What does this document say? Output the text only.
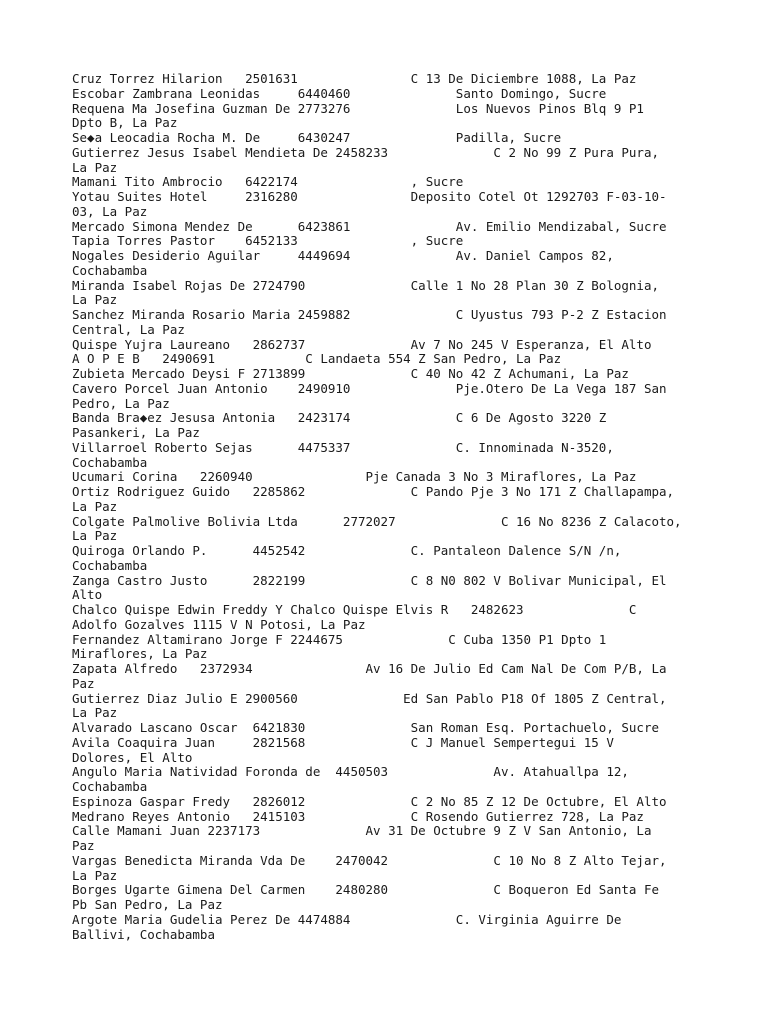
Cruz Torrez Hilarion   2501631               C 13 De Diciembre 1088, La Paz
Escobar Zambrana Leonidas     6440460              Santo Domingo, Sucre
Requena Ma Josefina Guzman De 2773276              Los Nuevos Pinos Blq 9 P1
Dpto B, La Paz
Se◆a Leocadia Rocha M. De     6430247              Padilla, Sucre
Gutierrez Jesus Isabel Mendieta De 2458233              C 2 No 99 Z Pura Pura,
La Paz
Mamani Tito Ambrocio   6422174               , Sucre
Yotau Suites Hotel     2316280               Deposito Cotel Ot 1292703 F-03-10-
03, La Paz
Mercado Simona Mendez De      6423861              Av. Emilio Mendizabal, Sucre
Tapia Torres Pastor    6452133               , Sucre
Nogales Desiderio Aguilar     4449694              Av. Daniel Campos 82,
Cochabamba
Miranda Isabel Rojas De 2724790              Calle 1 No 28 Plan 30 Z Bolognia,
La Paz
Sanchez Miranda Rosario Maria 2459882              C Uyustus 793 P-2 Z Estacion
Central, La Paz
Quispe Yujra Laureano   2862737              Av 7 No 245 V Esperanza, El Alto
A O P E B   2490691            C Landaeta 554 Z San Pedro, La Paz
Zubieta Mercado Deysi F 2713899              C 40 No 42 Z Achumani, La Paz
Cavero Porcel Juan Antonio    2490910              Pje.Otero De La Vega 187 San
Pedro, La Paz
Banda Bra◆ez Jesusa Antonia   2423174              C 6 De Agosto 3220 Z
Pasankeri, La Paz
Villarroel Roberto Sejas      4475337              C. Innominada N-3520,
Cochabamba
Ucumari Corina   2260940               Pje Canada 3 No 3 Miraflores, La Paz
Ortiz Rodriguez Guido   2285862              C Pando Pje 3 No 171 Z Challapampa,
La Paz
Colgate Palmolive Bolivia Ltda      2772027              C 16 No 8236 Z Calacoto,
La Paz
Quiroga Orlando P.      4452542              C. Pantaleon Dalence S/N /n,
Cochabamba
Zanga Castro Justo      2822199              C 8 N0 802 V Bolivar Municipal, El
Alto
Chalco Quispe Edwin Freddy Y Chalco Quispe Elvis R   2482623              C
Adolfo Gozalves 1115 V N Potosi, La Paz
Fernandez Altamirano Jorge F 2244675              C Cuba 1350 P1 Dpto 1
Miraflores, La Paz
Zapata Alfredo   2372934               Av 16 De Julio Ed Cam Nal De Com P/B, La
Paz
Gutierrez Diaz Julio E 2900560              Ed San Pablo P18 Of 1805 Z Central,
La Paz
Alvarado Lascano Oscar  6421830              San Roman Esq. Portachuelo, Sucre
Avila Coaquira Juan     2821568              C J Manuel Sempertegui 15 V
Dolores, El Alto
Angulo Maria Natividad Foronda de  4450503              Av. Atahuallpa 12,
Cochabamba
Espinoza Gaspar Fredy   2826012              C 2 No 85 Z 12 De Octubre, El Alto
Medrano Reyes Antonio   2415103              C Rosendo Gutierrez 728, La Paz
Calle Mamani Juan 2237173              Av 31 De Octubre 9 Z V San Antonio, La
Paz
Vargas Benedicta Miranda Vda De    2470042              C 10 No 8 Z Alto Tejar,
La Paz
Borges Ugarte Gimena Del Carmen    2480280              C Boqueron Ed Santa Fe
Pb San Pedro, La Paz
Argote Maria Gudelia Perez De 4474884              C. Virginia Aguirre De
Ballivi, Cochabamba
